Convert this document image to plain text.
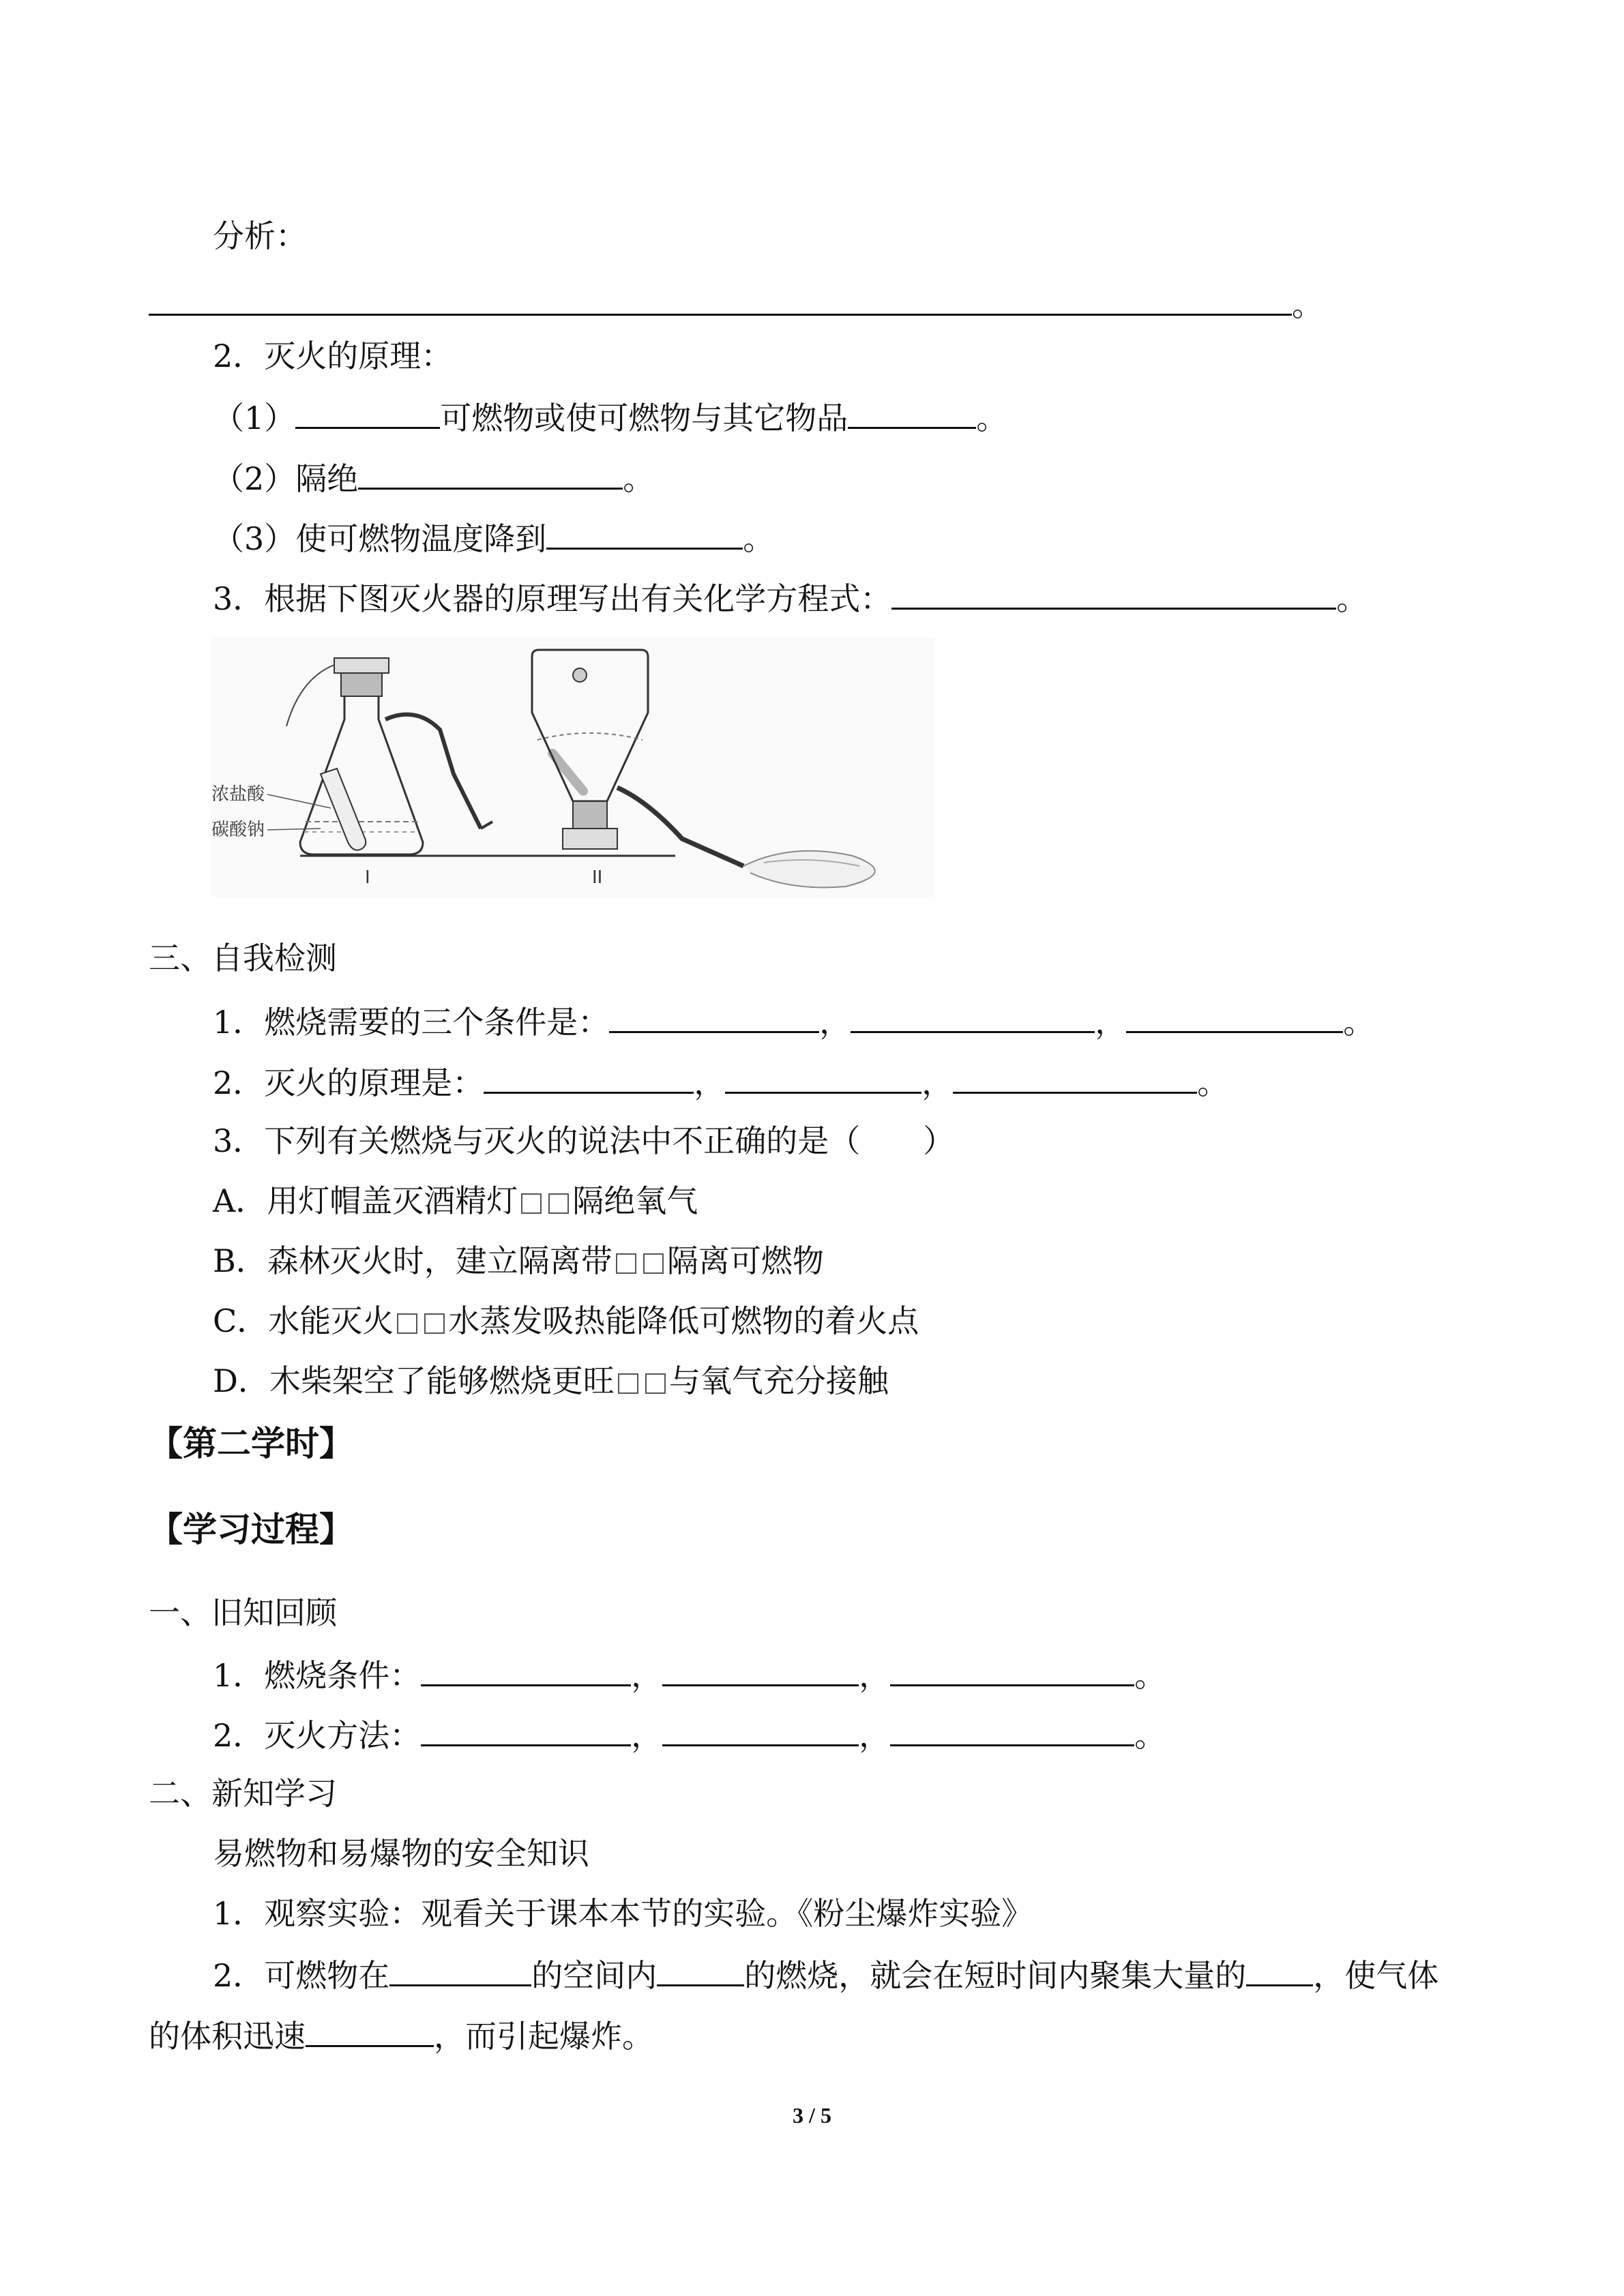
分析：
。
2．灭火的原理：
（1）	可燃物或使可燃物与其它物品	。
（2）隔绝	。
（3）使可燃物温度降到	。
3．根据下图灭火器的原理写出有关化学方程式：	。
浓盐酸
碳酸钠
I	II
三、自我检测
1．燃烧需要的三个条件是：	，	，	。
2．灭火的原理是：	，	，	。
3．下列有关燃烧与灭火的说法中不正确的是（　　）
A．用灯帽盖灭酒精灯 隔绝氧气
B．森林灭火时，建立隔离带 隔离可燃物
C．水能灭火 水蒸发吸热能降低可燃物的着火点
D．木柴架空了能够燃烧更旺 与氧气充分接触
【第二学时】
【学习过程】
一、旧知回顾
1．燃烧条件：	，	，	。
2．灭火方法：	，	，	。
二、新知学习
易燃物和易爆物的安全知识
1．观察实验：观看关于课本本节的实验。《粉尘爆炸实验》
2．可燃物在	的空间内	的燃烧，就会在短时间内聚集大量的 ，使气体
的体积迅速	，而引起爆炸。
3 / 5
